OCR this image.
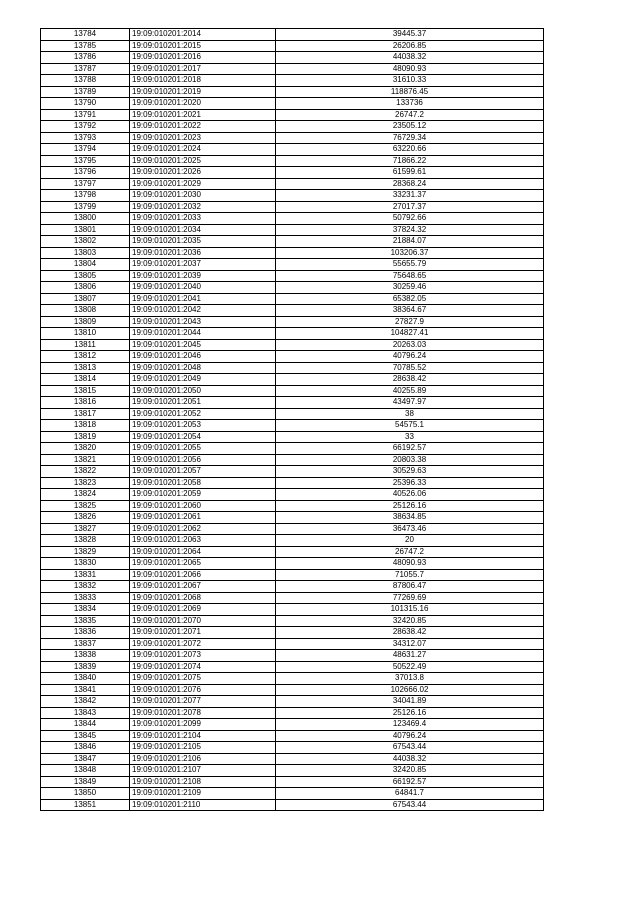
13784	19:09:010201:2014	39445.37
13785	19:09:010201:2015	26206.85
13786	19:09:010201:2016	44038.32
13787	19:09:010201:2017	48090.93
13788	19:09:010201:2018	31610.33
13789	19:09:010201:2019	118876.45
13790	19:09:010201:2020	133736
13791	19:09:010201:2021	26747.2
13792	19:09:010201:2022	23505.12
13793	19:09:010201:2023	76729.34
13794	19:09:010201:2024	63220.66
13795	19:09:010201:2025	71866.22
13796	19:09:010201:2026	61599.61
13797	19:09:010201:2029	28368.24
13798	19:09:010201:2030	33231.37
13799	19:09:010201:2032	27017.37
13800	19:09:010201:2033	50792.66
13801	19:09:010201:2034	37824.32
13802	19:09:010201:2035	21884.07
13803	19:09:010201:2036	103206.37
13804	19:09:010201:2037	55655.79
13805	19:09:010201:2039	75648.65
13806	19:09:010201:2040	30259.46
13807	19:09:010201:2041	65382.05
13808	19:09:010201:2042	38364.67
13809	19:09:010201:2043	27827.9
13810	19:09:010201:2044	104827.41
13811	19:09:010201:2045	20263.03
13812	19:09:010201:2046	40796.24
13813	19:09:010201:2048	70785.52
13814	19:09:010201:2049	28638.42
13815	19:09:010201:2050	40255.89
13816	19:09:010201:2051	43497.97
13817	19:09:010201:2052	38
13818	19:09:010201:2053	54575.1
13819	19:09:010201:2054	33
13820	19:09:010201:2055	66192.57
13821	19:09:010201:2056	20803.38
13822	19:09:010201:2057	30529.63
13823	19:09:010201:2058	25396.33
13824	19:09:010201:2059	40526.06
13825	19:09:010201:2060	25126.16
13826	19:09:010201:2061	38634.85
13827	19:09:010201:2062	36473.46
13828	19:09:010201:2063	20
13829	19:09:010201:2064	26747.2
13830	19:09:010201:2065	48090.93
13831	19:09:010201:2066	71055.7
13832	19:09:010201:2067	87806.47
13833	19:09:010201:2068	77269.69
13834	19:09:010201:2069	101315.16
13835	19:09:010201:2070	32420.85
13836	19:09:010201:2071	28638.42
13837	19:09:010201:2072	34312.07
13838	19:09:010201:2073	48631.27
13839	19:09:010201:2074	50522.49
13840	19:09:010201:2075	37013.8
13841	19:09:010201:2076	102666.02
13842	19:09:010201:2077	34041.89
13843	19:09:010201:2078	25126.16
13844	19:09:010201:2099	123469.4
13845	19:09:010201:2104	40796.24
13846	19:09:010201:2105	67543.44
13847	19:09:010201:2106	44038.32
13848	19:09:010201:2107	32420.85
13849	19:09:010201:2108	66192.57
13850	19:09:010201:2109	64841.7
13851	19:09:010201:2110	67543.44
